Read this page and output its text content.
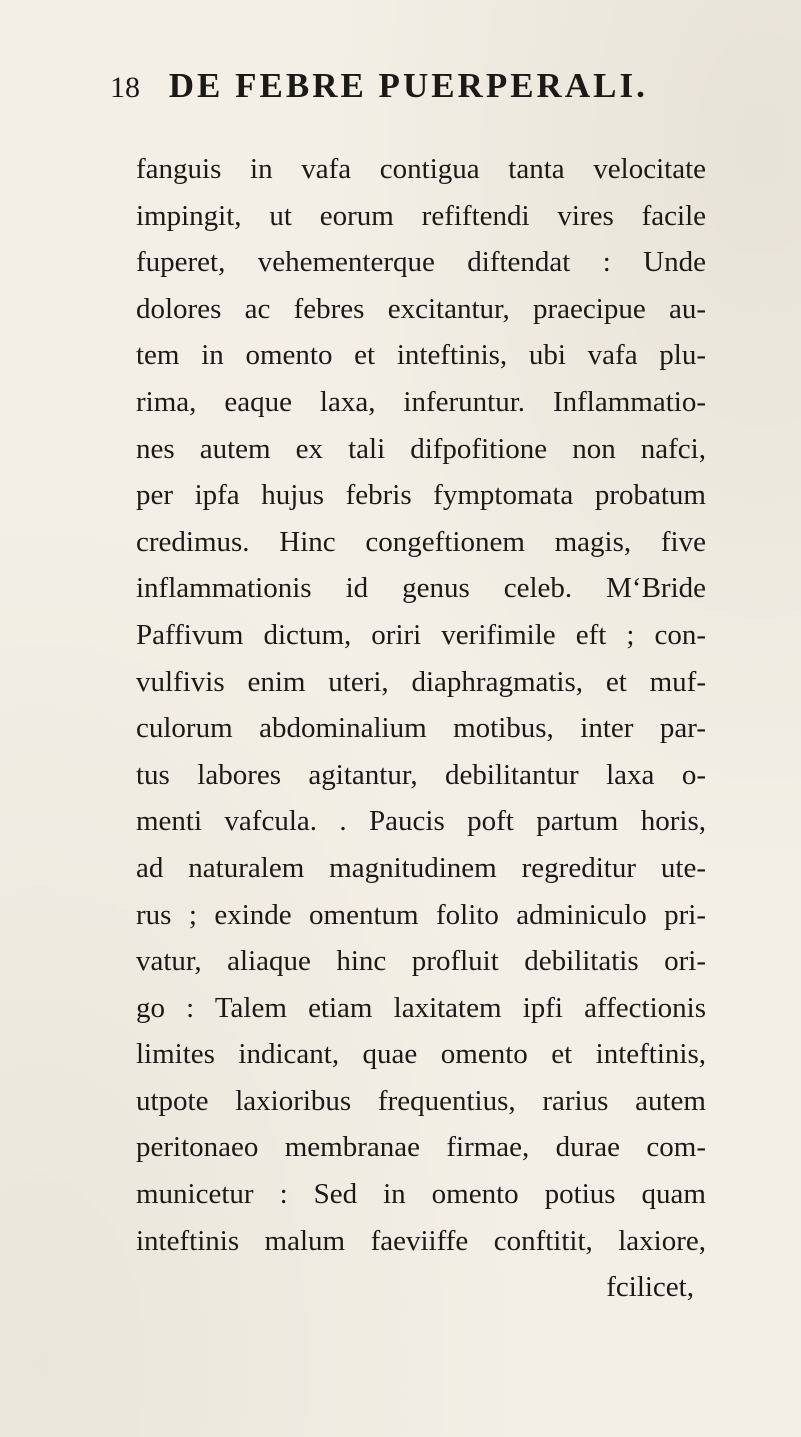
18 DE FEBRE PUERPERALI.
fanguis in vafa contigua tanta velocitate
impingit, ut eorum refiftendi vires facile
fuperet, vehementerque diftendat : Unde
dolores ac febres excitantur, praecipue au-
tem in omento et inteftinis, ubi vafa plu-
rima, eaque laxa, inferuntur. Inflammatio-
nes autem ex tali difpofitione non nafci,
per ipfa hujus febris fymptomata probatum
credimus. Hinc congeftionem magis, five
inflammationis id genus celeb. M‘Bride
Paffivum dictum, oriri verifimile eft ; con-
vulfivis enim uteri, diaphragmatis, et muf-
culorum abdominalium motibus, inter par-
tus labores agitantur, debilitantur laxa o-
menti vafcula. . Paucis poft partum horis,
ad naturalem magnitudinem regreditur ute-
rus ; exinde omentum folito adminiculo pri-
vatur, aliaque hinc profluit debilitatis ori-
go : Talem etiam laxitatem ipfi affectionis
limites indicant, quae omento et inteftinis,
utpote laxioribus frequentius, rarius autem
peritonaeo membranae firmae, durae com-
municetur : Sed in omento potius quam
inteftinis malum faeviiffe conftitit, laxiore,
fcilicet,
